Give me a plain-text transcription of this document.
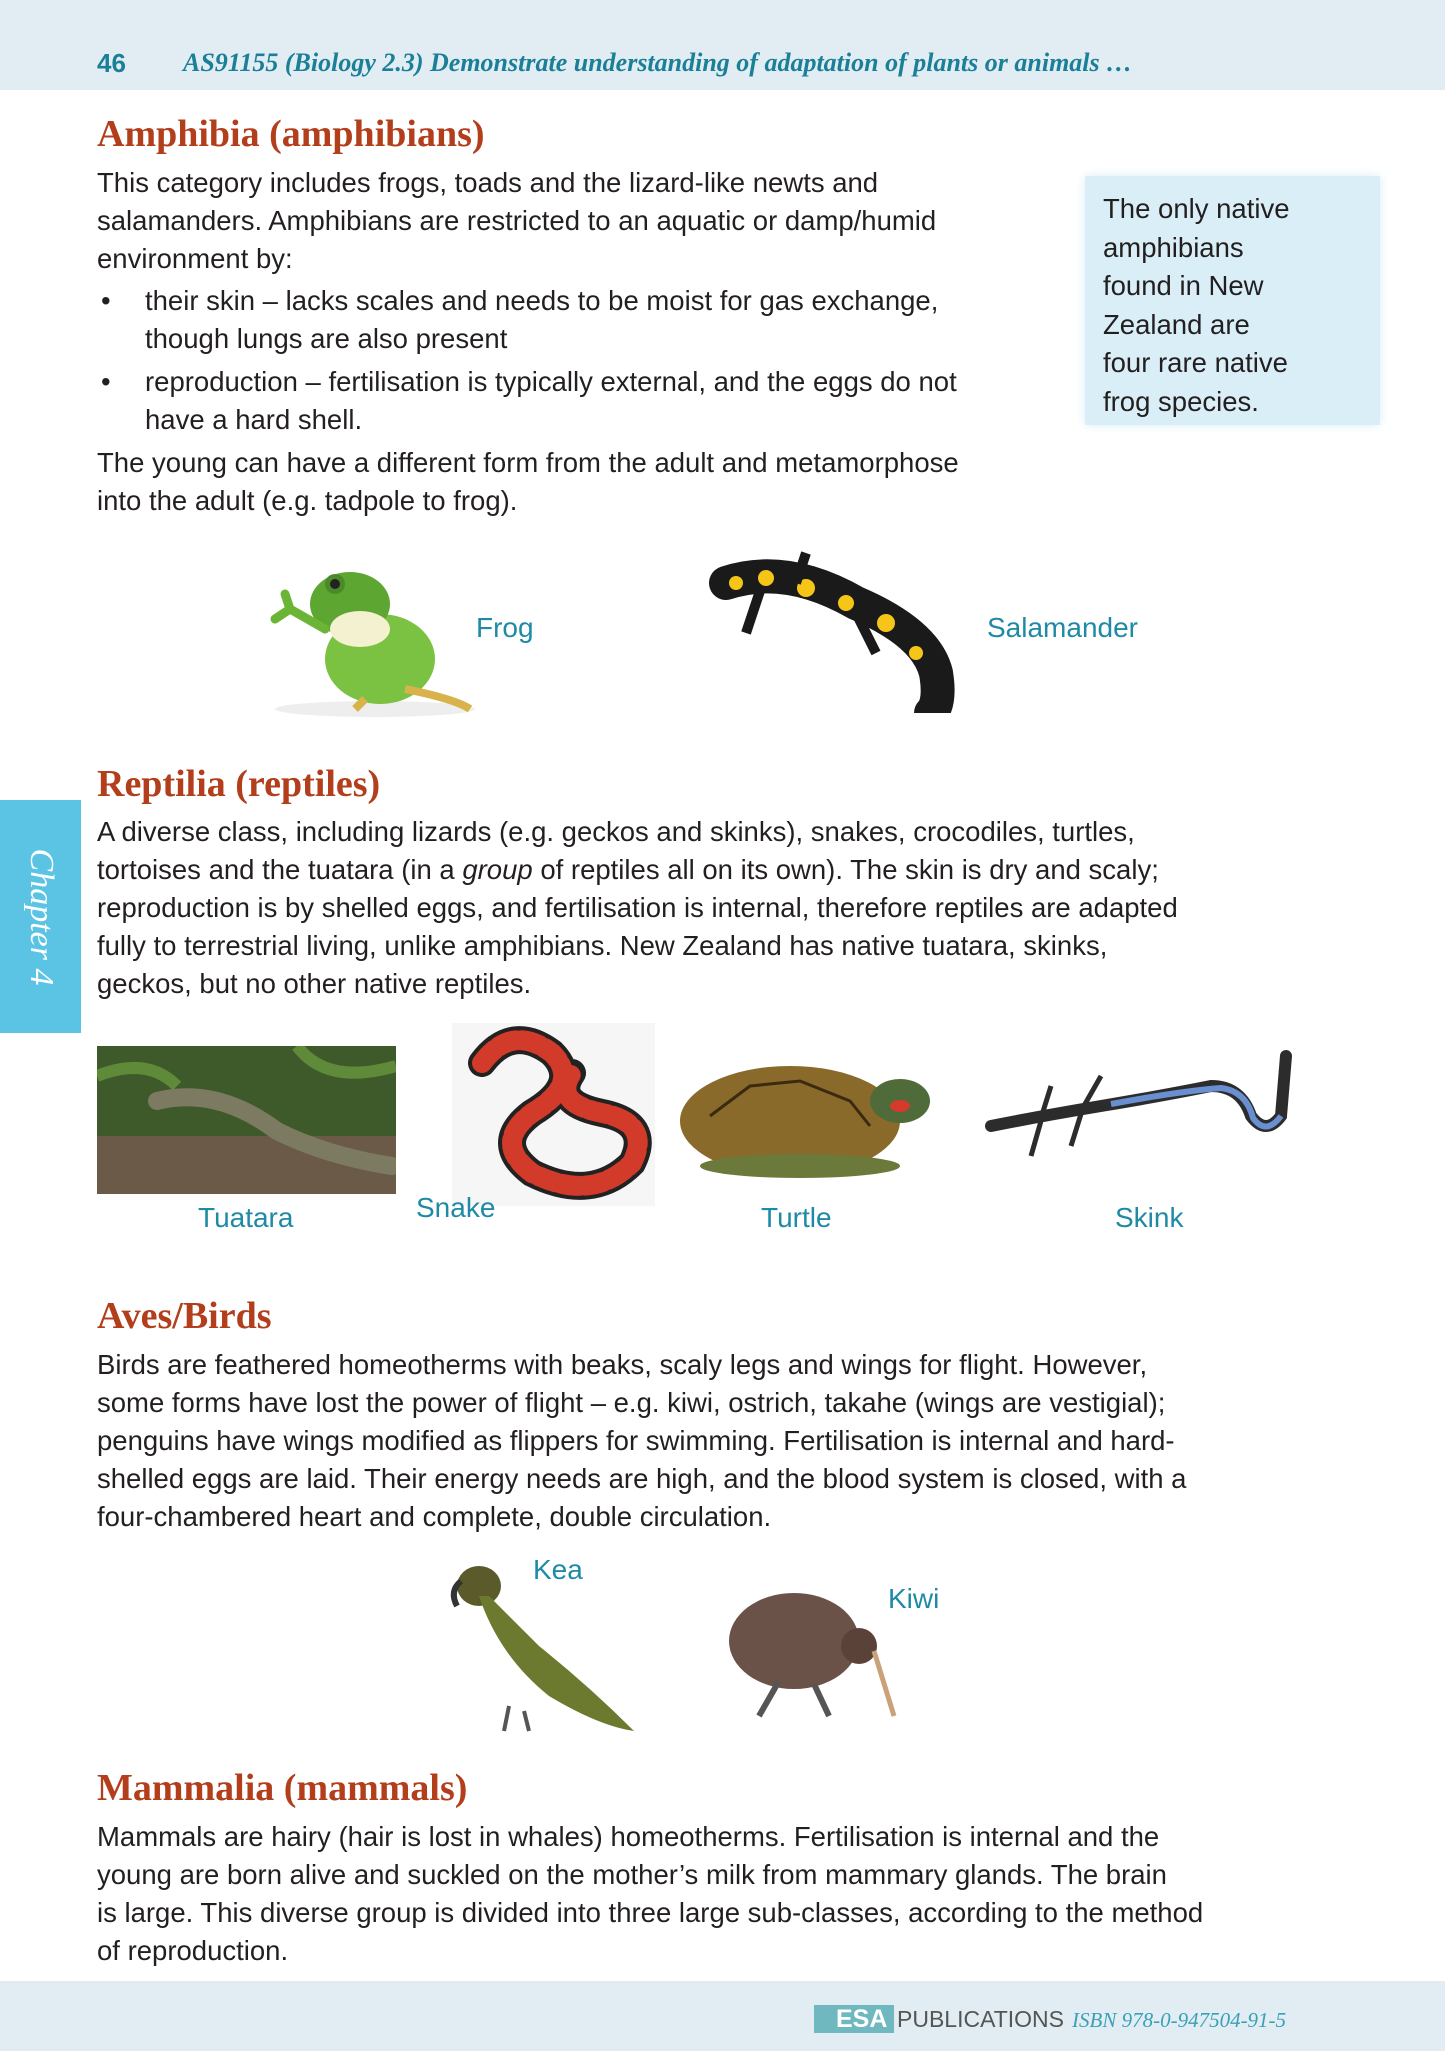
46 AS91155 (Biology 2.3) Demonstrate understanding of adaptation of plants or animals …
Amphibia (amphibians)
This category includes frogs, toads and the lizard-like newts and
salamanders. Amphibians are restricted to an aquatic or damp/humid
environment by:
• their skin – lacks scales and needs to be moist for gas exchange,
though lungs are also present
• reproduction – fertilisation is typically external, and the eggs do not
have a hard shell.
The young can have a different form from the adult and metamorphose
into the adult (e.g. tadpole to frog).
The only native
amphibians
found in New
Zealand are
four rare native
frog species.
Frog	Salamander
Chapter 4
Reptilia (reptiles)
A diverse class, including lizards (e.g. geckos and skinks), snakes, crocodiles, turtles,
tortoises and the tuatara (in a group of reptiles all on its own). The skin is dry and scaly;
reproduction is by shelled eggs, and fertilisation is internal, therefore reptiles are adapted
fully to terrestrial living, unlike amphibians. New Zealand has native tuatara, skinks,
geckos, but no other native reptiles.
Tuatara	Snake	Turtle	Skink
Aves/Birds
Birds are feathered homeotherms with beaks, scaly legs and wings for flight. However,
some forms have lost the power of flight – e.g. kiwi, ostrich, takahe (wings are vestigial);
penguins have wings modified as flippers for swimming. Fertilisation is internal and hard-
shelled eggs are laid. Their energy needs are high, and the blood system is closed, with a
four-chambered heart and complete, double circulation.
Kea
Kiwi
Mammalia (mammals)
Mammals are hairy (hair is lost in whales) homeotherms. Fertilisation is internal and the
young are born alive and suckled on the mother’s milk from mammary glands. The brain
is large. This diverse group is divided into three large sub-classes, according to the method
of reproduction.
ESA PUBLICATIONS ISBN 978-0-947504-91-5
